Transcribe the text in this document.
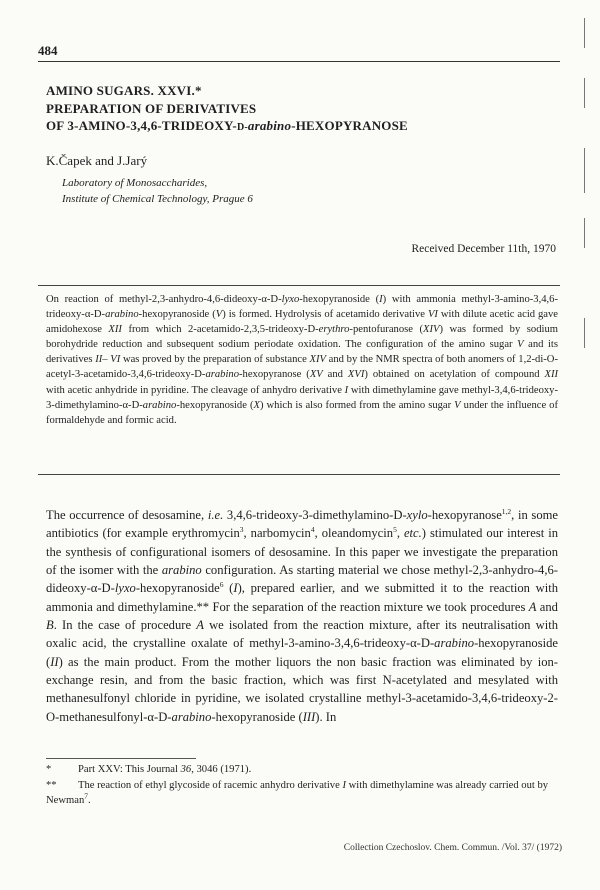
484
AMINO SUGARS. XXVI.*
PREPARATION OF DERIVATIVES
OF 3-AMINO-3,4,6-TRIDEOXY-D-arabino-HEXOPYRANOSE
K.Čapek and J.Jarý
Laboratory of Monosaccharides,
Institute of Chemical Technology, Prague 6
Received December 11th, 1970

On reaction of methyl-2,3-anhydro-4,6-dideoxy-α-D-lyxo-hexopyranoside (I) with ammonia methyl-3-amino-3,4,6-trideoxy-α-D-arabino-hexopyranoside (V) is formed. Hydrolysis of acetamido derivative VI with dilute acetic acid gave amidohexose XII from which 2-acetamido-2,3,5-trideoxy-D-erythro-pentofuranose (XIV) was formed by sodium borohydride reduction and subsequent sodium periodate oxidation. The configuration of the amino sugar V and its derivatives II– VI was proved by the preparation of substance XIV and by the NMR spectra of both anomers of 1,2-di-O-acetyl-3-acetamido-3,4,6-trideoxy-D-arabino-hexopyranose (XV and XVI) obtained on acetylation of compound XII with acetic anhydride in pyridine. The cleavage of anhydro derivative I with dimethylamine gave methyl-3,4,6-trideoxy-3-dimethylamino-α-D-arabino-hexopyranoside (X) which is also formed from the amino sugar V under the influence of formaldehyde and formic acid.

The occurrence of desosamine, i.e. 3,4,6-trideoxy-3-dimethylamino-D-xylo-hexopyranose$^{1,2}$, in some antibiotics (for example erythromycin$^3$, narbomycin$^4$, oleandomycin$^5$, etc.) stimulated our interest in the synthesis of configurational isomers of desosamine. In this paper we investigate the preparation of the isomer with the arabino configuration. As starting material we chose methyl-2,3-anhydro-4,6-dideoxy-α-D-lyxo-hexopyranoside$^6$ (I), prepared earlier, and we submitted it to the reaction with ammonia and dimethylamine.** For the separation of the reaction mixture we took procedures A and B. In the case of procedure A we isolated from the reaction mixture, after its neutralisation with oxalic acid, the crystalline oxalate of methyl-3-amino-3,4,6-trideoxy-α-D-arabino-hexopyranoside (II) as the main product. From the mother liquors the non basic fraction was eliminated by ion-exchange resin, and from the basic fraction, which was first N-acetylated and mesylated with methanesulfonyl chloride in pyridine, we isolated crystalline methyl-3-acetamido-3,4,6-trideoxy-2-O-methanesulfonyl-α-D-arabino-hexopyranoside (III). In

*	Part XXV: This Journal 36, 3046 (1971).

** The reaction of ethyl glycoside of racemic anhydro derivative I with dimethylamine was already carried out by Newman$^7$.

Collection Czechoslov. Chem. Commun. /Vol. 37/ (1972)
